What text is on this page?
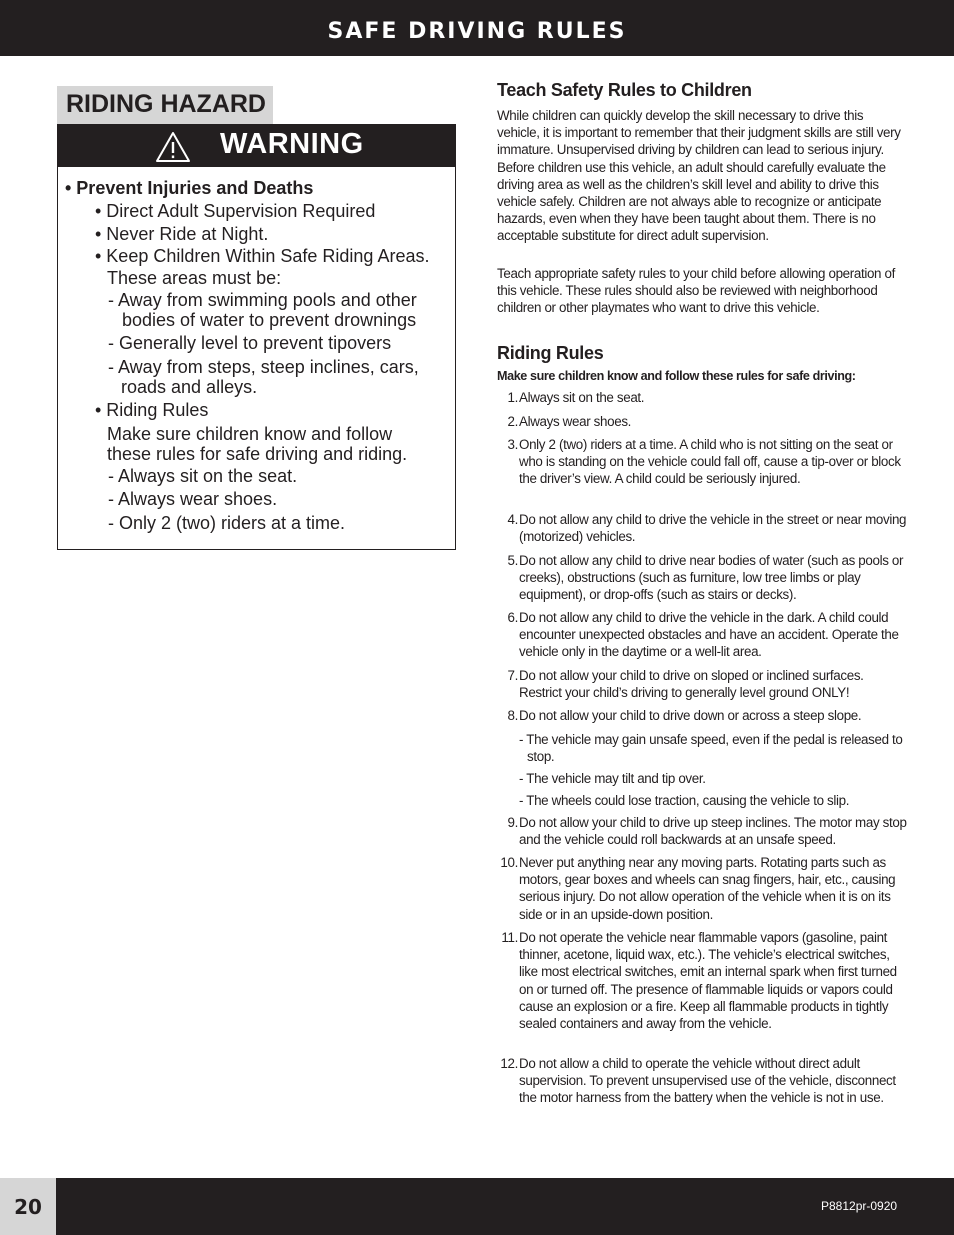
SAFE DRIVING RULES
RIDING HAZARD
WARNING
• Prevent Injuries and Deaths
• Direct Adult Supervision Required
• Never Ride at Night.
• Keep Children Within Safe Riding Areas.
These areas must be:
- Away from swimming pools and other
bodies of water to prevent drownings
- Generally level to prevent tipovers
- Away from steps, steep inclines, cars,
roads and alleys.
• Riding Rules
Make sure children know and follow
these rules for safe driving and riding.
- Always sit on the seat.
- Always wear shoes.
- Only 2 (two) riders at a time.
Teach Safety Rules to Children
While children can quickly develop the skill necessary to drive this vehicle, it is important to remember that their judgment skills are still very immature. Unsupervised driving by children can lead to serious injury. Before children use this vehicle, an adult should carefully evaluate the driving area as well as the children’s skill level and ability to drive this vehicle safely. Children are not always able to recognize or anticipate hazards, even when they have been taught about them. There is no acceptable substitute for direct adult supervision.
Teach appropriate safety rules to your child before allowing operation of this vehicle. These rules should also be reviewed with neighborhood children or other playmates who want to drive this vehicle.
Riding Rules
Make sure children know and follow these rules for safe driving:
1. Always sit on the seat.
2. Always wear shoes.
3. Only 2 (two) riders at a time. A child who is not sitting on the seat or who is standing on the vehicle could fall off, cause a tip-over or block the driver’s view. A child could be seriously injured.
4. Do not allow any child to drive the vehicle in the street or near moving (motorized) vehicles.
5. Do not allow any child to drive near bodies of water (such as pools or creeks), obstructions (such as furniture, low tree limbs or play equipment), or drop-offs (such as stairs or decks).
6. Do not allow any child to drive the vehicle in the dark. A child could encounter unexpected obstacles and have an accident. Operate the vehicle only in the daytime or a well-lit area.
7. Do not allow your child to drive on sloped or inclined surfaces. Restrict your child’s driving to generally level ground ONLY!
8. Do not allow your child to drive down or across a steep slope.
- The vehicle may gain unsafe speed, even if the pedal is released to stop.
- The vehicle may tilt and tip over.
- The wheels could lose traction, causing the vehicle to slip.
9. Do not allow your child to drive up steep inclines. The motor may stop and the vehicle could roll backwards at an unsafe speed.
10. Never put anything near any moving parts. Rotating parts such as motors, gear boxes and wheels can snag fingers, hair, etc., causing serious injury. Do not allow operation of the vehicle when it is on its side or in an upside-down position.
11. Do not operate the vehicle near flammable vapors (gasoline, paint thinner, acetone, liquid wax, etc.). The vehicle’s electrical switches, like most electrical switches, emit an internal spark when first turned on or turned off. The presence of flammable liquids or vapors could cause an explosion or a fire. Keep all flammable products in tightly sealed containers and away from the vehicle.
12. Do not allow a child to operate the vehicle without direct adult supervision. To prevent unsupervised use of the vehicle, disconnect the motor harness from the battery when the vehicle is not in use.
20	P8812pr-0920
